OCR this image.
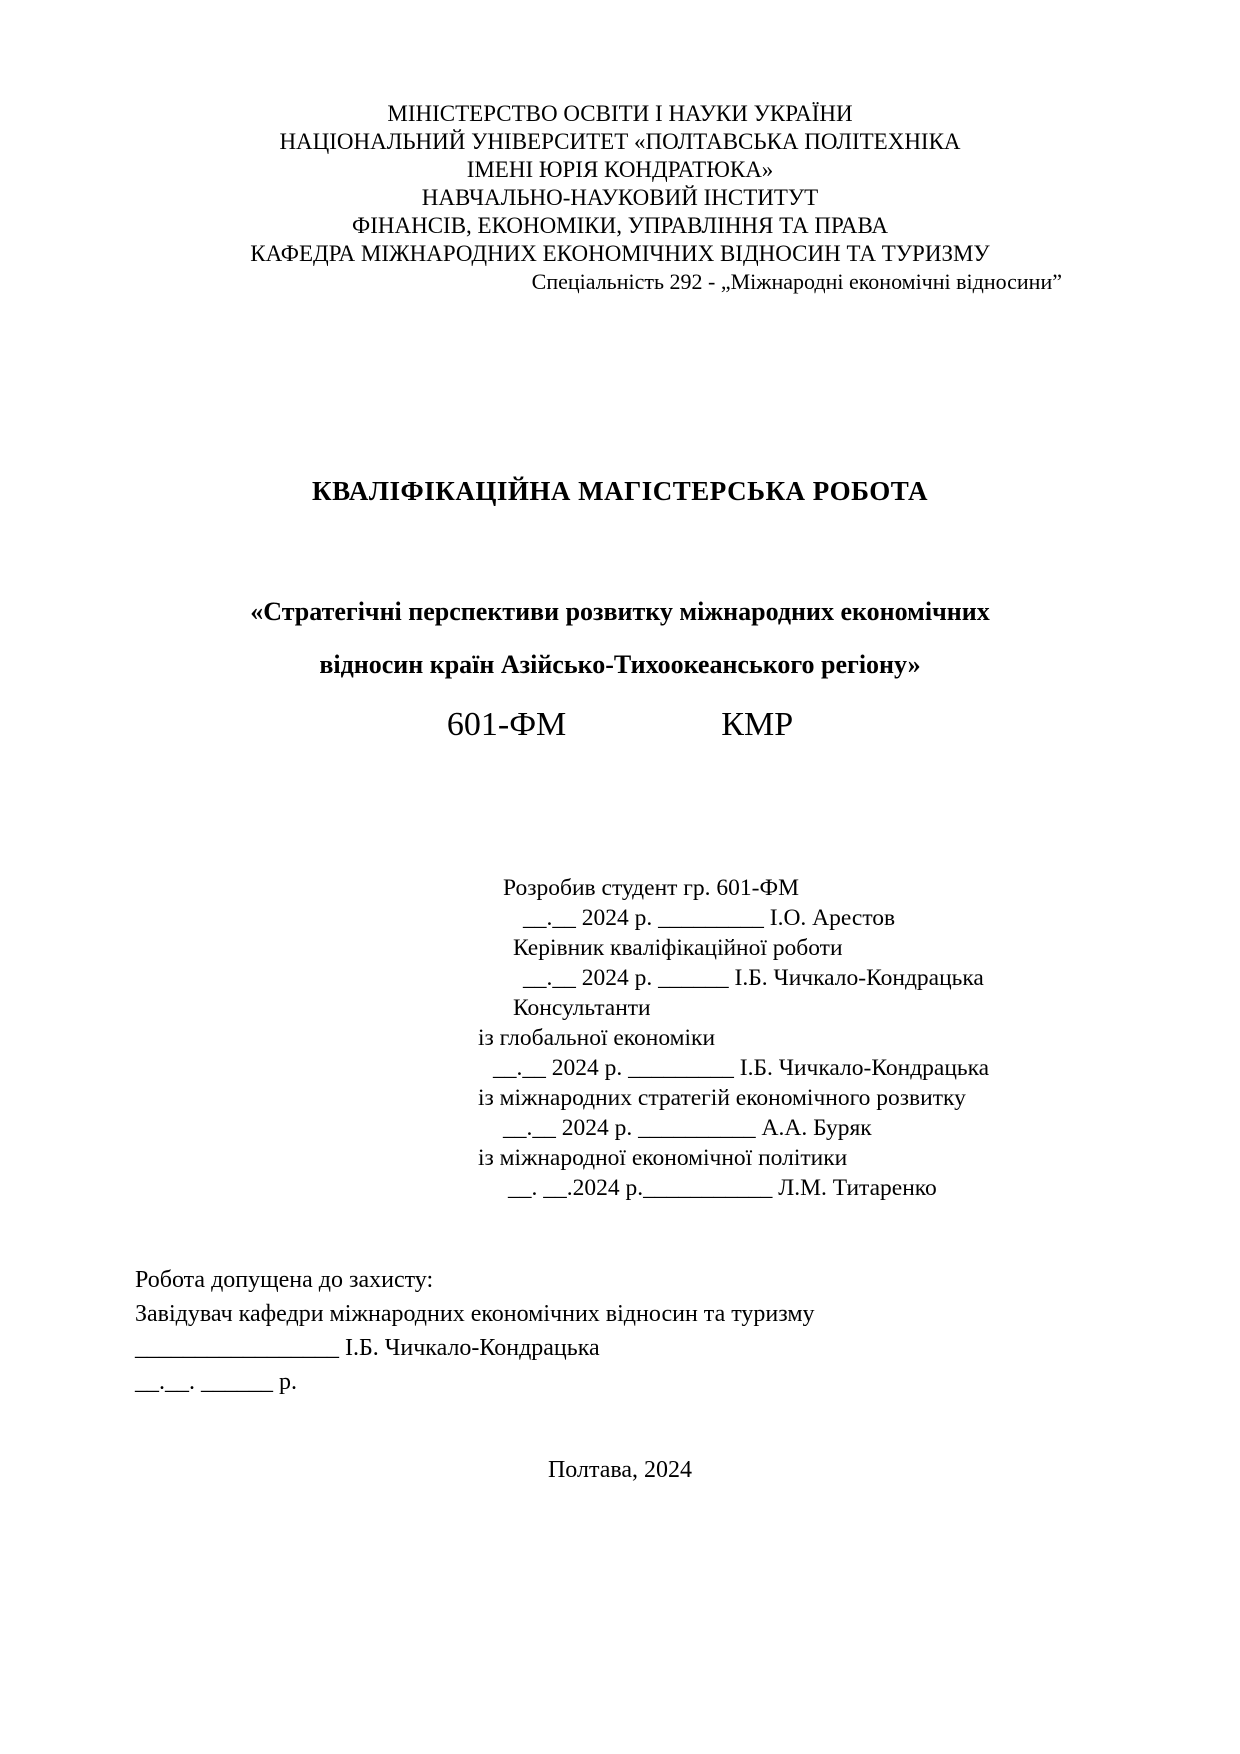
МІНІСТЕРСТВО ОСВІТИ І НАУКИ УКРАЇНИ
НАЦІОНАЛЬНИЙ УНІВЕРСИТЕТ «ПОЛТАВСЬКА ПОЛІТЕХНІКА
ІМЕНІ ЮРІЯ КОНДРАТЮКА»
НАВЧАЛЬНО-НАУКОВИЙ ІНСТИТУТ
ФІНАНСІВ, ЕКОНОМІКИ, УПРАВЛІННЯ ТА ПРАВА
КАФЕДРА МІЖНАРОДНИХ ЕКОНОМІЧНИХ ВІДНОСИН ТА ТУРИЗМУ
Спеціальність 292 - „Міжнародні економічні відносини”
КВАЛІФІКАЦІЙНА МАГІСТЕРСЬКА РОБОТА
«Стратегічні перспективи розвитку міжнародних економічних
відносин країн Азійсько-Тихоокеанського регіону»
601-ФМ	КМР
Розробив студент гр. 601-ФМ
__.__ 2024 р. _________ І.О. Арестов
Керівник кваліфікаційної роботи
__.__ 2024 р. ______ І.Б. Чичкало-Кондрацька
Консультанти
із глобальної економіки
__.__ 2024 р. _________ І.Б. Чичкало-Кондрацька
із міжнародних стратегій економічного розвитку
__.__ 2024 р. __________ А.А. Буряк
із міжнародної економічної політики
__. __.2024 р.___________ Л.М. Титаренко
Робота допущена до захисту:
Завідувач кафедри міжнародних економічних відносин та туризму
_________________ І.Б. Чичкало-Кондрацька
__.__. ______ р.
Полтава, 2024
